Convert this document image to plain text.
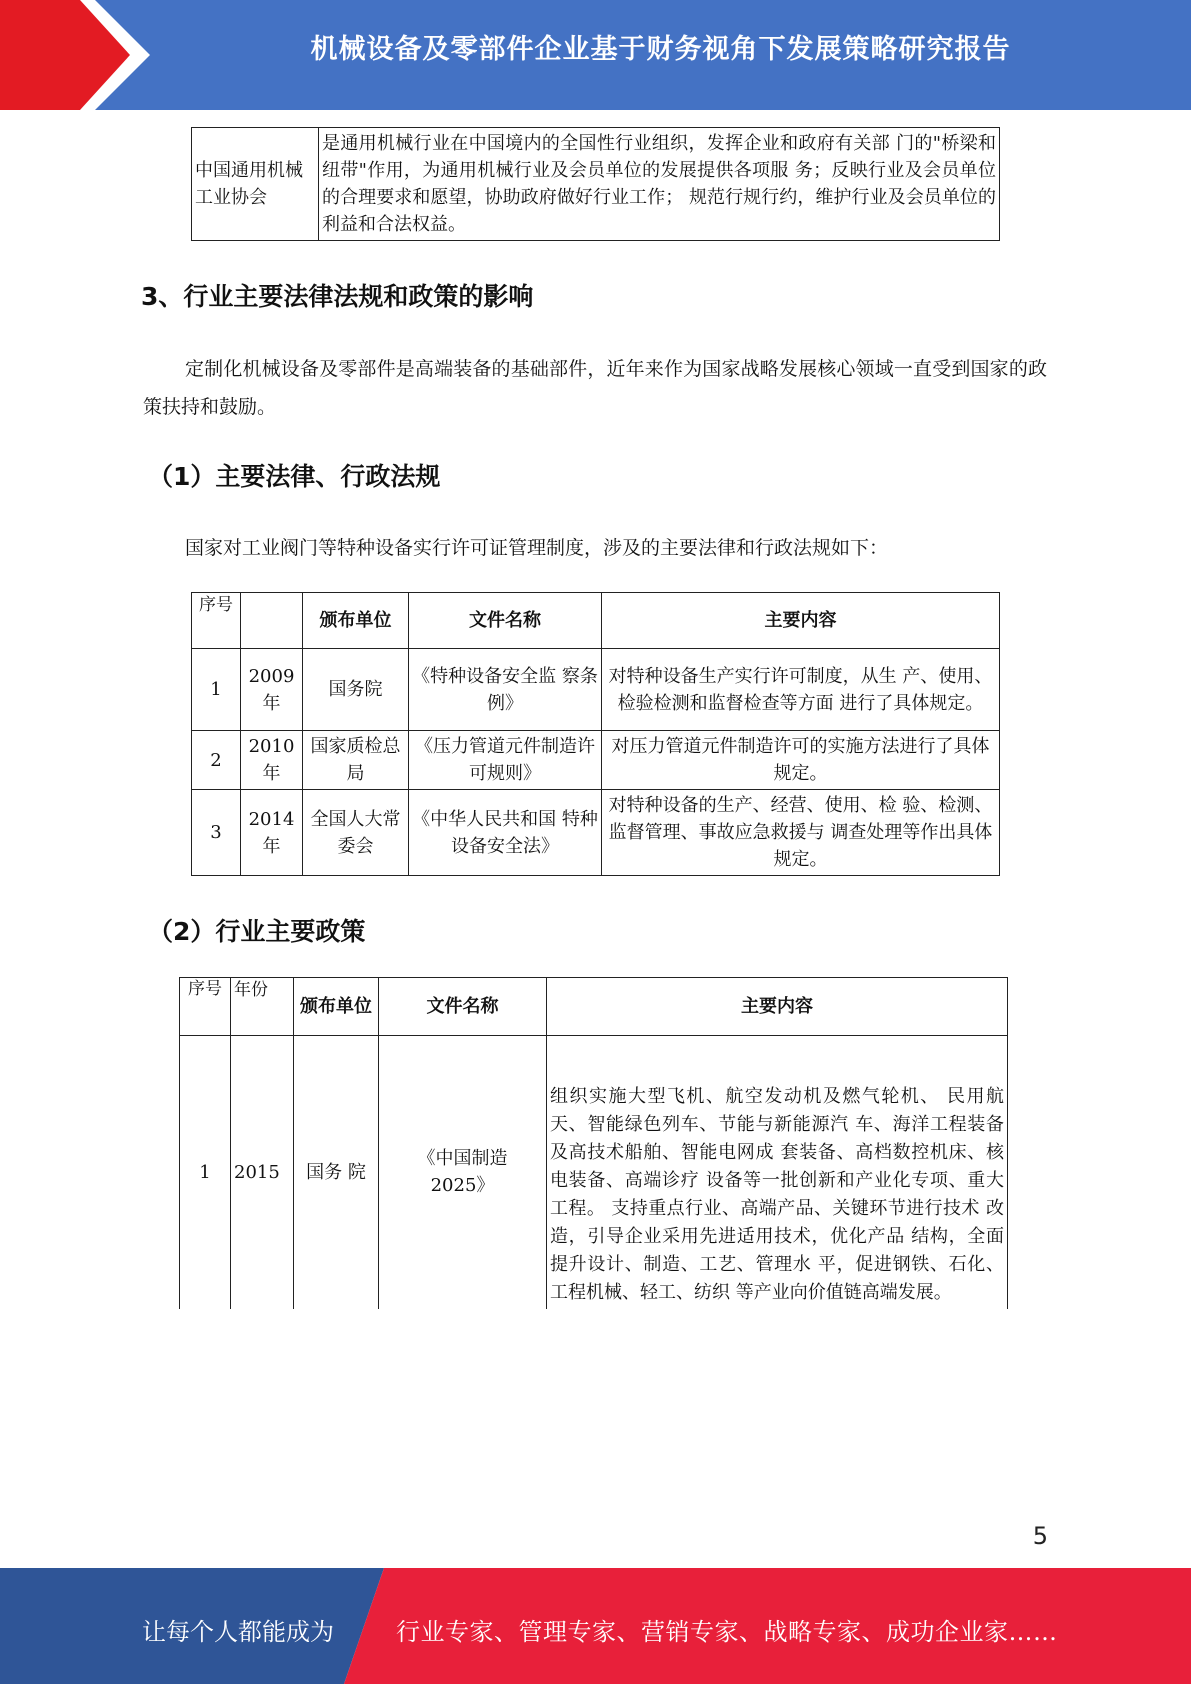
机械设备及零部件企业基于财务视角下发展策略研究报告
中国通用机械工业协会	是通用机械行业在中国境内的全国性行业组织，发挥企业和政府有关部 门的"桥梁和纽带"作用，为通用机械行业及会员单位的发展提供各项服 务；反映行业及会员单位的合理要求和愿望，协助政府做好行业工作； 规范行规行约，维护行业及会员单位的利益和合法权益。
3、行业主要法律法规和政策的影响
定制化机械设备及零部件是高端装备的基础部件，近年来作为国家战略发展核心领域一直受到国家的政策扶持和鼓励。
（1）主要法律、行政法规
国家对工业阀门等特种设备实行许可证管理制度，涉及的主要法律和行政法规如下：
序号		颁布单位	文件名称	主要内容
1	2009年	国务院	《特种设备安全监 察条例》	对特种设备生产实行许可制度，从生 产、使用、检验检测和监督检查等方面 进行了具体规定。
2	2010年	国家质检总局	《压力管道元件制造许可规则》	对压力管道元件制造许可的实施方法进行了具体规定。
3	2014年	全国人大常委会	《中华人民共和国 特种设备安全法》	对特种设备的生产、经营、使用、检 验、检测、监督管理、事故应急救援与 调查处理等作出具体规定。
（2）行业主要政策
序号	年份	颁布单位	文件名称	主要内容
1	2015	国务 院	《中国制造2025》	组织实施大型飞机、航空发动机及燃气轮机、 民用航天、智能绿色列车、节能与新能源汽 车、海洋工程装备及高技术船舶、智能电网成 套装备、高档数控机床、核电装备、高端诊疗 设备等一批创新和产业化专项、重大工程。 支持重点行业、高端产品、关键环节进行技术 改造，引导企业采用先进适用技术，优化产品 结构，全面提升设计、制造、工艺、管理水 平，促进钢铁、石化、工程机械、轻工、纺织 等产业向价值链高端发展。
5
让每个人都能成为	行业专家、管理专家、营销专家、战略专家、成功企业家……
